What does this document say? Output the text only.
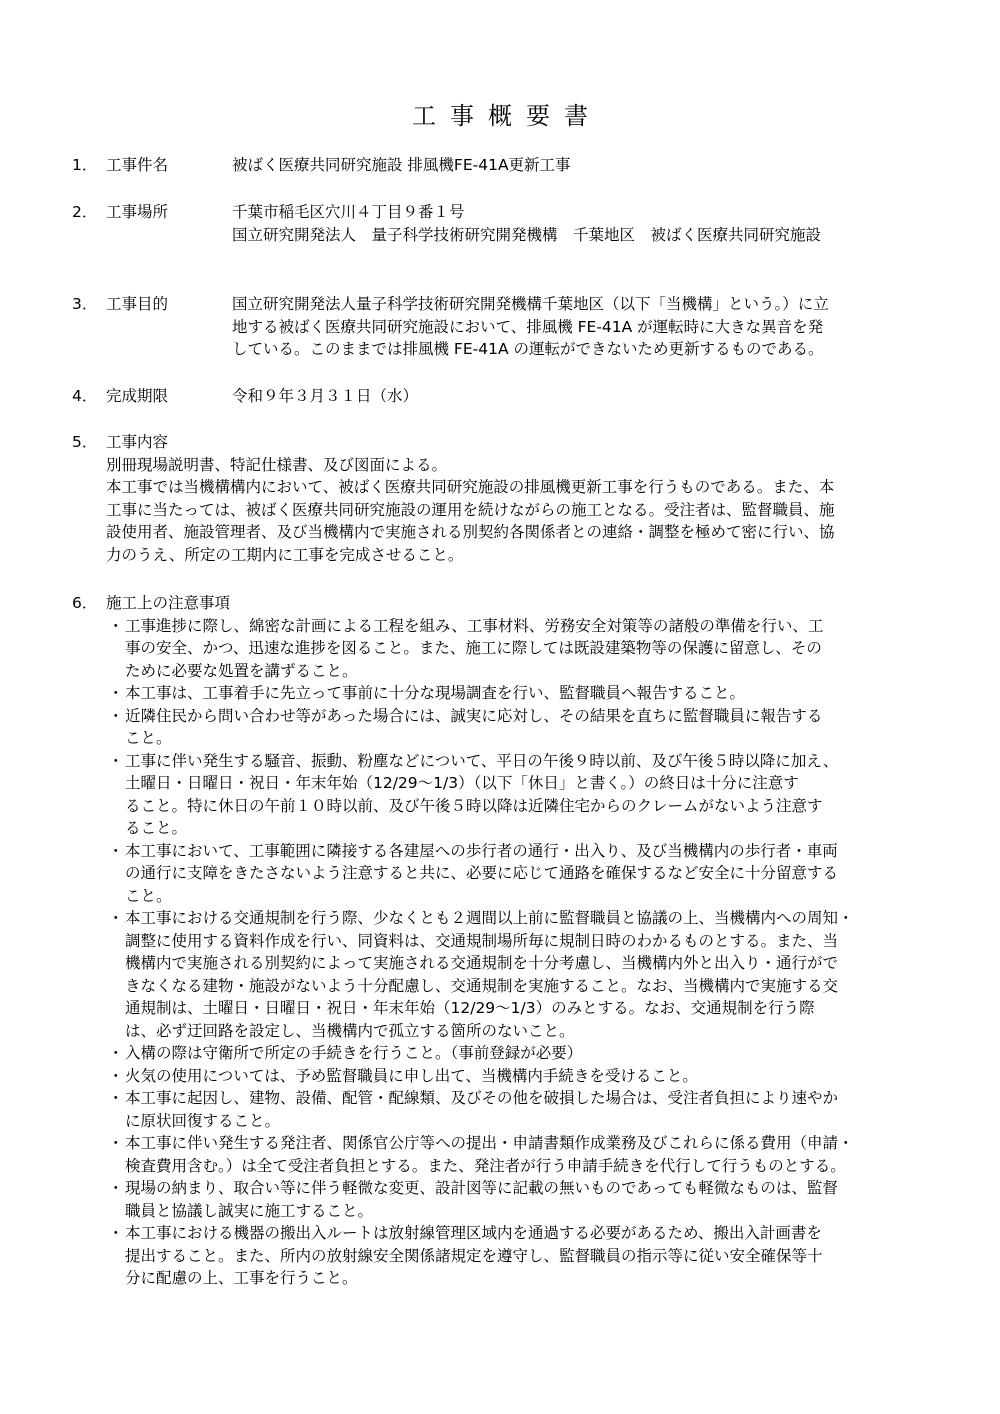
工事概要書
1． 工事件名	被ばく医療共同研究施設 排風機FE-41A更新工事
2． 工事場所	千葉市稲毛区穴川４丁目９番１号
国立研究開発法人　量子科学技術研究開発機構　千葉地区　被ばく医療共同研究施設
3． 工事目的	国立研究開発法人量子科学技術研究開発機構千葉地区（以下「当機構」という。）に立
地する被ばく医療共同研究施設において、排風機 FE-41A が運転時に大きな異音を発
している。このままでは排風機 FE-41A の運転ができないため更新するものである。
4． 完成期限	令和９年３月３１日（水）
5． 工事内容

別冊現場説明書、特記仕様書、及び図面による。

本工事では当機構構内において、被ばく医療共同研究施設の排風機更新工事を行うものである。また、本

工事に当たっては、被ばく医療共同研究施設の運用を続けながらの施工となる。受注者は、監督職員、施

設使用者、施設管理者、及び当機構内で実施される別契約各関係者との連絡・調整を極めて密に行い、協

力のうえ、所定の工期内に工事を完成させること。

6． 施工上の注意事項
・ 工事進捗に際し、綿密な計画による工程を組み、工事材料、労務安全対策等の諸般の準備を行い、工
事の安全、かつ、迅速な進捗を図ること。また、施工に際しては既設建築物等の保護に留意し、その
ために必要な処置を講ずること。
・ 本工事は、工事着手に先立って事前に十分な現場調査を行い、監督職員へ報告すること。
・ 近隣住民から問い合わせ等があった場合には、誠実に応対し、その結果を直ちに監督職員に報告する
こと。
・ 工事に伴い発生する騒音、振動、粉塵などについて、平日の午後９時以前、及び午後５時以降に加え、
土曜日・日曜日・祝日・年末年始（12/29～1/3）（以下「休日」と書く。）の終日は十分に注意す
ること。特に休日の午前１０時以前、及び午後５時以降は近隣住宅からのクレームがないよう注意す
ること。
・ 本工事において、工事範囲に隣接する各建屋への歩行者の通行・出入り、及び当機構内の歩行者・車両
の通行に支障をきたさないよう注意すると共に、必要に応じて通路を確保するなど安全に十分留意する
こと。
・ 本工事における交通規制を行う際、少なくとも２週間以上前に監督職員と協議の上、当機構内への周知・
調整に使用する資料作成を行い、同資料は、交通規制場所毎に規制日時のわかるものとする。また、当
機構内で実施される別契約によって実施される交通規制を十分考慮し、当機構内外と出入り・通行がで
きなくなる建物・施設がないよう十分配慮し、交通規制を実施すること。なお、当機構内で実施する交
通規制は、土曜日・日曜日・祝日・年末年始（12/29～1/3）のみとする。なお、交通規制を行う際
は、必ず迂回路を設定し、当機構内で孤立する箇所のないこと。
・ 入構の際は守衛所で所定の手続きを行うこと。（事前登録が必要）
・ 火気の使用については、予め監督職員に申し出て、当機構内手続きを受けること。
・ 本工事に起因し、建物、設備、配管・配線類、及びその他を破損した場合は、受注者負担により速やか
に原状回復すること。
・ 本工事に伴い発生する発注者、関係官公庁等への提出・申請書類作成業務及びこれらに係る費用（申請・
検査費用含む。）は全て受注者負担とする。また、発注者が行う申請手続きを代行して行うものとする。
・ 現場の納まり、取合い等に伴う軽微な変更、設計図等に記載の無いものであっても軽微なものは、監督
職員と協議し誠実に施工すること。
・ 本工事における機器の搬出入ルートは放射線管理区域内を通過する必要があるため、搬出入計画書を
提出すること。また、所内の放射線安全関係諸規定を遵守し、監督職員の指示等に従い安全確保等十
分に配慮の上、工事を行うこと。
